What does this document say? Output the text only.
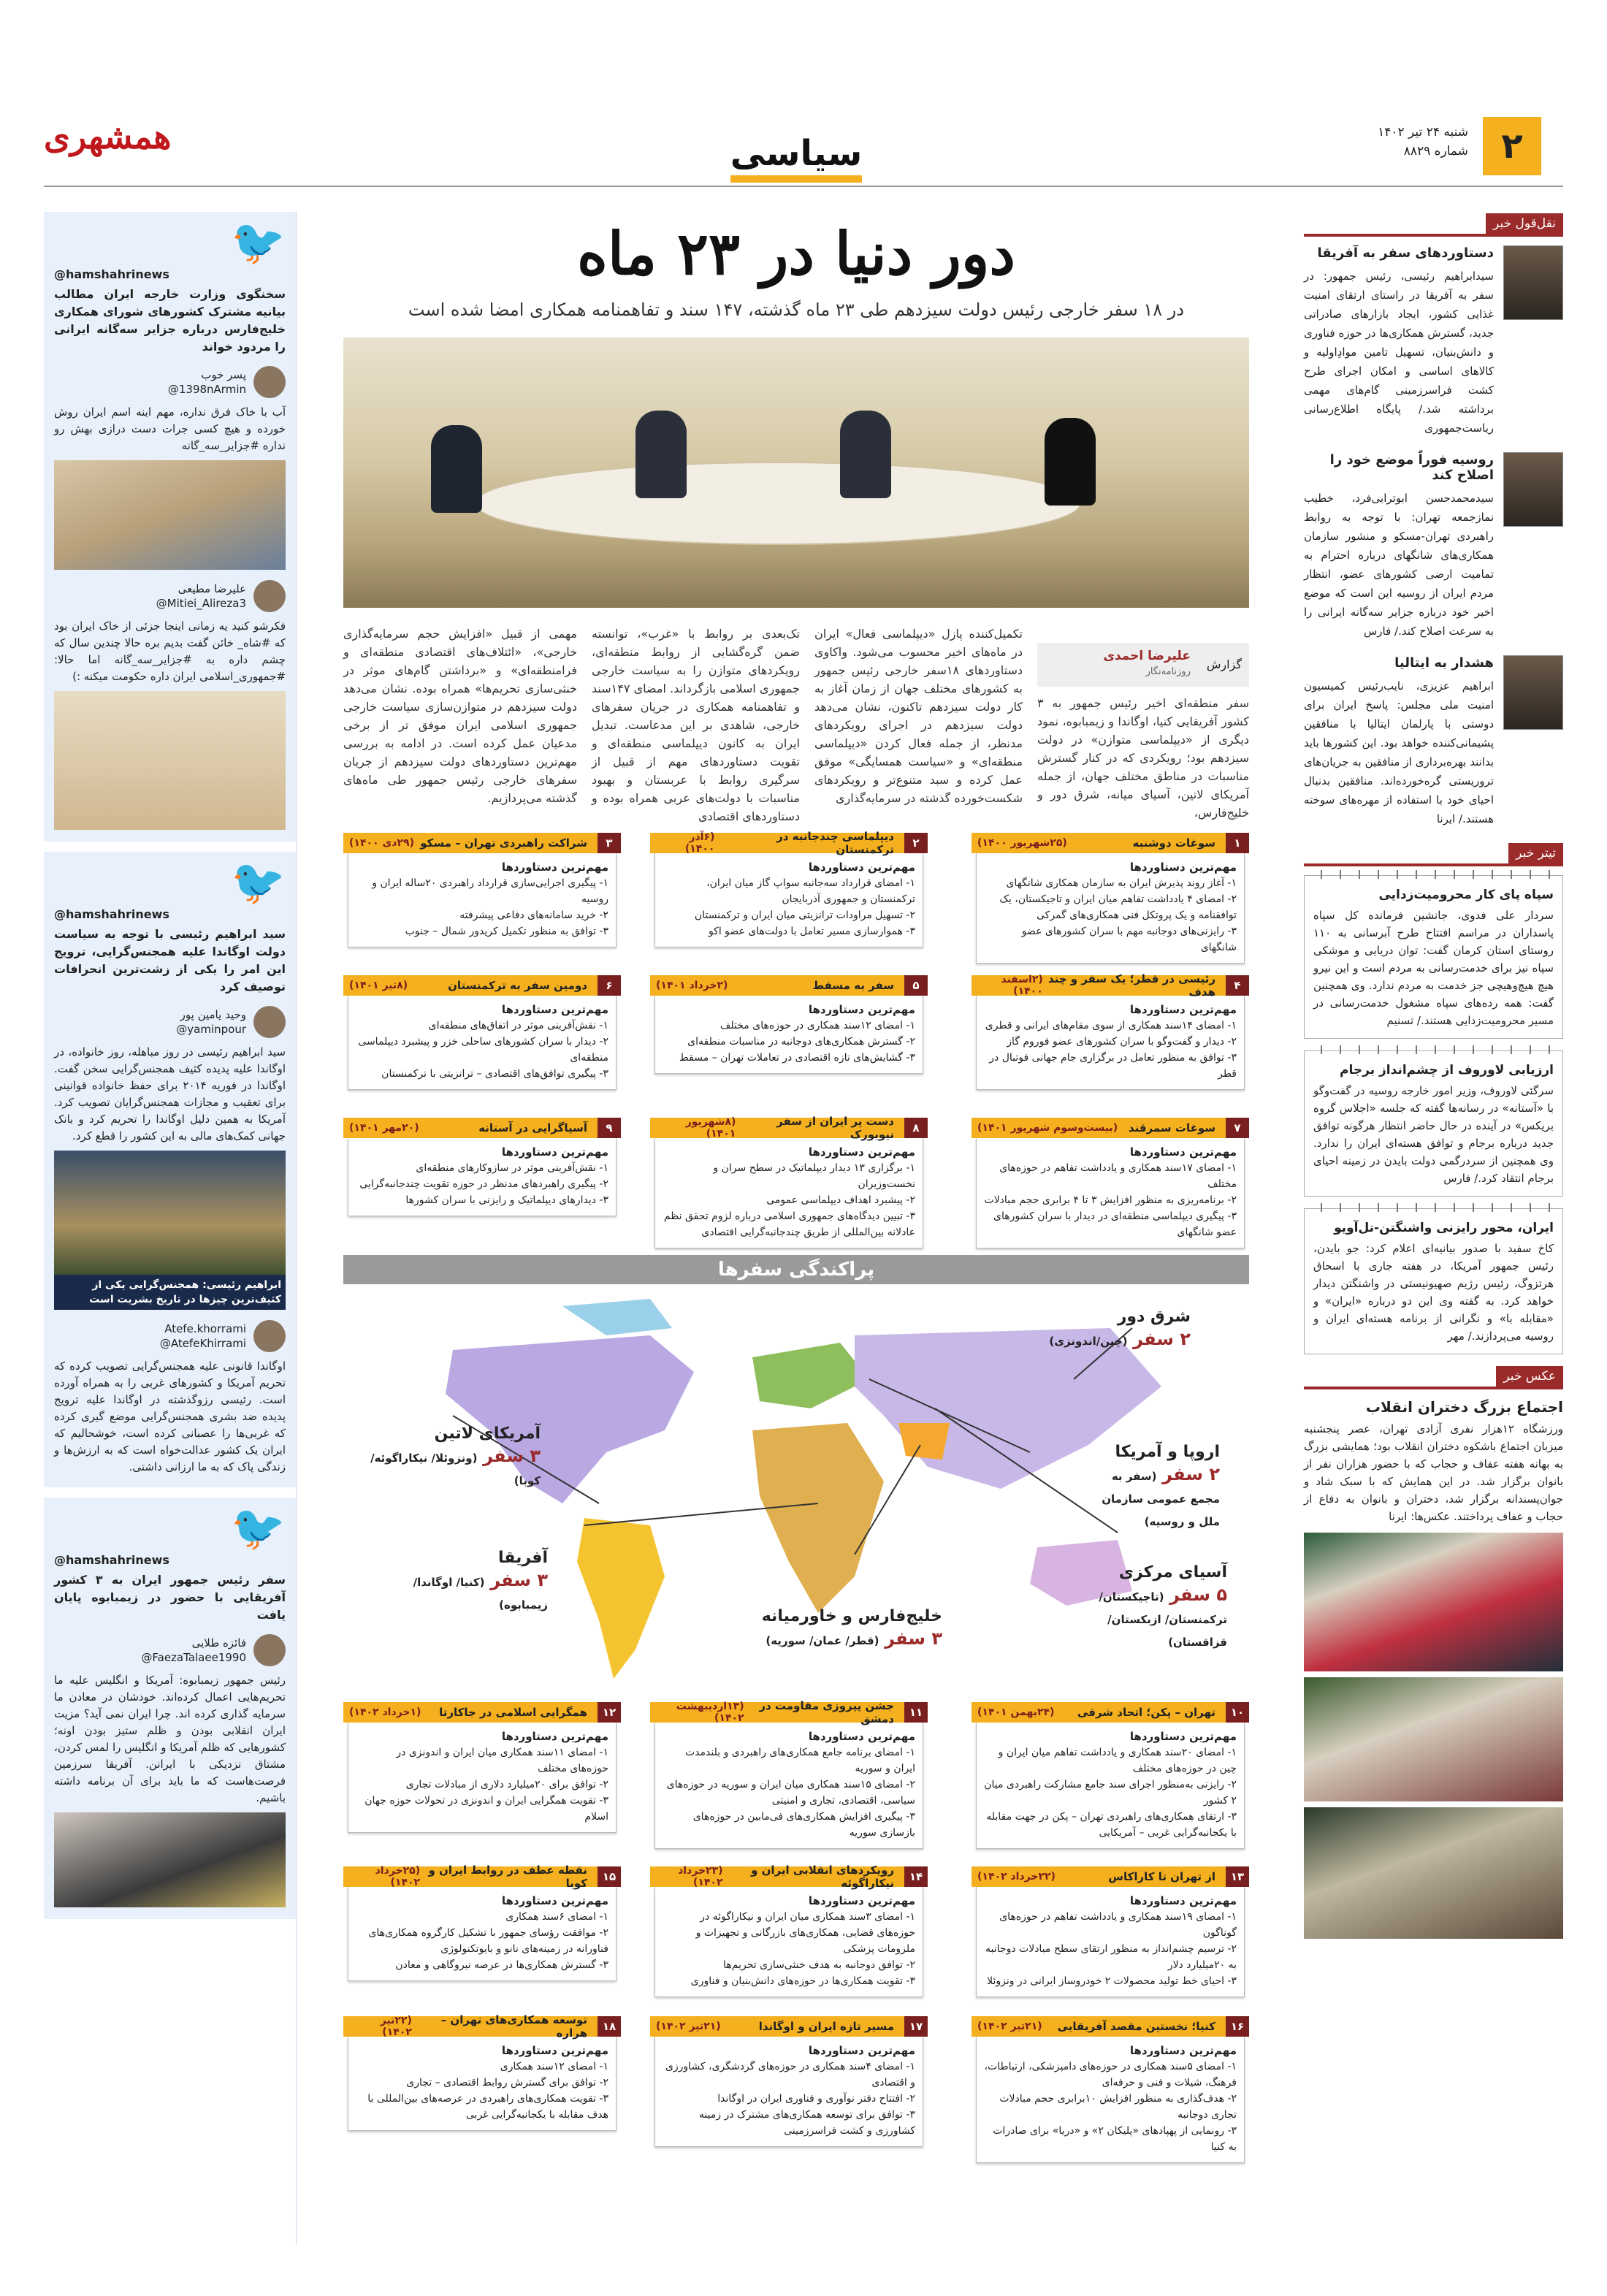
۲
شنبه ۲۴ تیر ۱۴۰۲
شماره ۸۸۲۹
همشهری	سیاسی
دور دنیا در ۲۳ ماه
در ۱۸ سفر خارجی رئیس دولت سیزدهم طی ۲۳ ماه گذشته، ۱۴۷ سند و تفاهمنامه همکاری امضا شده است
گزارش
علیرضا احمدی
روزنامه‌نگار
سفر منطقه‌ای اخیر رئیس جمهور به ۳ کشور آفریقایی کنیا، اوگاندا و زیمبابوه، نمود دیگری از «دیپلماسی متوازن» در دولت سیزدهم بود؛ رویکردی که در کنار گسترش مناسبات در مناطق مختلف جهان، از جمله آمریکای لاتین، آسیای میانه، شرق دور و خلیج‌فارس،
تکمیل‌کننده پازل «دیپلماسی فعال» ایران در ماه‌های اخیر محسوب می‌شود. واکاوی دستاوردهای ۱۸سفر خارجی رئیس جمهور به کشورهای مختلف جهان از زمان آغاز به کار دولت سیزدهم تاکنون، نشان می‌دهد دولت سیزدهم در اجرای رویکردهای مدنظر، از جمله فعال کردن «دیپلماسی منطقه‌ای» و «سیاست همسایگی» موفق عمل کرده و سبد متنوع‌تر و رویکردهای شکست‌خورده گذشته در سرمایه‌گذاری
تک‌بعدی بر روابط با «غرب»، توانسته ضمن گره‌گشایی از روابط منطقه‌ای، رویکردهای متوازن را به سیاست خارجی جمهوری اسلامی بازگرداند. امضای ۱۴۷سند و تفاهمنامه همکاری در جریان سفرهای خارجی، شاهدی بر این مدعاست. تبدیل ایران به کانون دیپلماسی منطقه‌ای و تقویت دستاوردهای مهم از قبیل از سرگیری روابط با عربستان و بهبود مناسبات با دولت‌های عربی همراه بوده و دستاوردهای اقتصادی
مهمی از قبیل «افزایش حجم سرمایه‌گذاری خارجی»، «ائتلاف‌های اقتصادی منطقه‌ای و فرامنطقه‌ای» و «برداشتن گام‌های موثر در خنثی‌سازی تحریم‌ها» همراه بوده. نشان می‌دهد دولت سیزدهم در متوازن‌سازی سیاست خارجی جمهوری اسلامی ایران موفق تر از برخی مدعیان عمل کرده است. در ادامه به بررسی مهم‌ترین دستاوردهای دولت سیزدهم از جریان سفرهای خارجی رئیس جمهور طی ماه‌های گذشته می‌پردازیم.
۱
سوغات دوشنبه
(۲۵شهریور ۱۴۰۰)
مهم‌ترین دستاوردها
۱- آغاز روند پذیرش ایران به سازمان همکاری شانگهای
۲- امضای ۴ یادداشت تفاهم میان ایران و تاجیکستان، یک توافقنامه و یک پروتکل فنی همکاری‌های گمرکی
۳- رایزنی‌های دوجانبه مهم با سران کشورهای عضو شانگهای
۲
دیپلماسی چندجانبه در ترکمنستان
(۶آذر ۱۴۰۰)
مهم‌ترین دستاوردها
۱- امضای قرارداد سه‌جانبه سواپ گاز میان ایران، ترکمنستان و جمهوری آذربایجان
۲- تسهیل مراودات ترانزیتی میان ایران و ترکمنستان
۳- هموارسازی مسیر تعامل با دولت‌های عضو اکو
۳
شراکت راهبردی تهران – مسکو
(۲۹دی ۱۴۰۰)
مهم‌ترین دستاوردها
۱- پیگیری اجرایی‌سازی قرارداد راهبردی ۲۰ساله ایران و روسیه
۲- خرید سامانه‌های دفاعی پیشرفته
۳- توافق به منظور تکمیل کریدور شمال – جنوب
۴
رئیسی در قطر؛ یک سفر و چند هدف
(۲اسفند ۱۴۰۰)
مهم‌ترین دستاوردها
۱- امضای ۱۴سند همکاری از سوی مقام‌های ایرانی و قطری
۲- دیدار و گفت‌وگو با سران کشورهای عضو فوروم گاز
۳- توافق به منظور تعامل در برگزاری جام جهانی فوتبال در قطر
۵
سفر به مسقط
(۲خرداد ۱۴۰۱)
مهم‌ترین دستاوردها
۱- امضای ۱۲سند همکاری در حوزه‌های مختلف
۲- گسترش همکاری‌های دوجانبه در مناسبات منطقه‌ای
۳- گشایش‌های تازه اقتصادی در تعاملات تهران – مسقط
۶
دومین سفر به ترکمنستان
(۸تیر ۱۴۰۱)
مهم‌ترین دستاوردها
۱- نقش‌آفرینی موثر در اتفاق‌های منطقه‌ای
۲- دیدار با سران کشورهای ساحلی خزر و پیشبرد دیپلماسی منطقه‌ای
۳- پیگیری توافق‌های اقتصادی – ترانزیتی با ترکمنستان
۷
سوغات سمرقند
(بیست‌و‌سوم شهریور ۱۴۰۱)
مهم‌ترین دستاوردها
۱- امضای ۱۷سند همکاری و یادداشت تفاهم در حوزه‌های مختلف
۲- برنامه‌ریزی به منظور افزایش ۳ تا ۴ برابری حجم مبادلات
۳- پیگیری دیپلماسی منطقه‌ای در دیدار با سران کشورهای عضو شانگهای
۸
دست پر ایران از سفر نیویورک
(۸شهریور ۱۴۰۱)
مهم‌ترین دستاوردها
۱- برگزاری ۱۳ دیدار دیپلماتیک در سطح سران و نخست‌وزیران
۲- پیشبرد اهداف دیپلماسی عمومی
۳- تبیین دیدگاه‌های جمهوری اسلامی درباره لزوم تحقق نظم عادلانه بین‌المللی از طریق چندجانبه‌گرایی اقتصادی
۹
آسیاگرایی در آستانه
(۲۰مهر ۱۴۰۱)
مهم‌ترین دستاوردها
۱- نقش‌آفرینی موثر در سازوکارهای منطقه‌ای
۲- پیگیری راهبردهای مدنظر در حوزه تقویت چندجانبه‌گرایی
۳- دیدارهای دیپلماتیک و رایزنی با سران کشورها
۱۰
تهران – پکن؛ اتحاد شرقی
(۲۴بهمن ۱۴۰۱)
مهم‌ترین دستاوردها
۱- امضای ۲۰سند همکاری و یادداشت تفاهم میان ایران و چین در حوزه‌های مختلف
۲- رایزنی به‌منظور اجرای سند جامع مشارکت راهبردی میان ۲ کشور
۳- ارتقای همکاری‌های راهبردی تهران – پکن در جهت مقابله با یکجانبه‌گرایی غربی – آمریکایی
۱۱
جشن پیروزی مقاومت در دمشق
(۱۳اردیبهشت ۱۴۰۲)
مهم‌ترین دستاوردها
۱- امضای برنامه جامع همکاری‌های راهبردی و بلندمدت ایران و سوریه
۲- امضای ۱۵سند همکاری میان ایران و سوریه در حوزه‌های سیاسی، اقتصادی، تجاری و امنیتی
۳- پیگیری افزایش همکاری‌های فی‌مابین در حوزه‌های بازسازی سوریه
۱۲
همگرایی اسلامی در جاکارتا
(۱خرداد ۱۴۰۲)
مهم‌ترین دستاوردها
۱- امضای ۱۱سند همکاری میان ایران و اندونزی در حوزه‌های مختلف
۲- توافق برای ۲۰میلیارد دلاری از مبادلات تجاری
۳- تقویت همگرایی ایران و اندونزی در تحولات حوزه جهان اسلام
۱۳
از تهران تا کاراکاس
(۲۲خرداد ۱۴۰۲)
مهم‌ترین دستاوردها
۱- امضای ۱۹سند همکاری و یادداشت تفاهم در حوزه‌های گوناگون
۲- ترسیم چشم‌انداز به منظور ارتقای سطح مبادلات دوجانبه به ۲۰میلیارد دلار
۳- احیای خط تولید محصولات ۲ خودروساز ایرانی در ونزوئلا
۱۴
رویکردهای انقلابی ایران و نیکاراگوئه
(۲۳خرداد ۱۴۰۲)
مهم‌ترین دستاوردها
۱- امضای ۳سند همکاری میان ایران و نیکاراگوئه در حوزه‌های قضایی، همکاری‌های بازرگانی و تجهیزات و ملزومات پزشکی
۲- توافق دوجانبه به هدف خنثی‌سازی تحریم‌ها
۳- تقویت همکاری‌ها در حوزه‌های دانش‌بنیان و فناوری
۱۵
نقطه عطف در روابط ایران و کوبا
(۲۵خرداد ۱۴۰۲)
مهم‌ترین دستاوردها
۱- امضای ۶سند همکاری
۲- موافقت رؤسای جمهور با تشکیل کارگروه همکاری‌های فناورانه در زمینه‌های نانو و بایوتکنولوژی
۳- گسترش همکاری‌ها در عرصه نیروگاهی و معادن
۱۶
کنیا؛ نخستین مقصد آفریقایی
(۲۱تیر ۱۴۰۲)
مهم‌ترین دستاوردها
۱- امضای ۵سند همکاری در حوزه‌های دامپزشکی، ارتباطات، فرهنگ، شیلات و فنی و حرفه‌ای
۲- هدف‌گذاری به منظور افزایش ۱۰برابری حجم مبادلات تجاری دوجانبه
۳- رونمایی از پهپادهای «پلیکان ۲» و «دریا» برای صادرات به کنیا
۱۷
مسیر تازه ایران و اوگاندا
(۲۱تیر ۱۴۰۲)
مهم‌ترین دستاوردها
۱- امضای ۴سند همکاری در حوزه‌های گردشگری، کشاورزی و اقتصادی
۲- افتتاح دفتر نوآوری و فناوری ایران در اوگاندا
۳- توافق برای توسعه همکاری‌های مشترک در زمینه کشاورزی و کشت فراسرزمینی
۱۸
توسعه همکاری‌های تهران – هراره
(۲۲تیر ۱۴۰۲)
مهم‌ترین دستاوردها
۱- امضای ۱۲سند همکاری
۲- توافق برای گسترش روابط اقتصادی – تجاری
۳- تقویت همکاری‌های راهبردی در عرصه‌های بین‌المللی با هدف مقابله با یکجانبه‌گرایی غربی
پراکندگی سفرها
شرق دور
۲ سفر (چین/اندونزی)
اروپا و آمریکا
۲ سفر (سفر به مجمع عمومی سازمان ملل و روسیه)
آسیای مرکزی
۵ سفر (تاجیکستان/ ترکمنستان/ ازبکستان/ قزاقستان)
خلیج‌فارس و خاورمیانه
۳ سفر (قطر/ عمان/ سوریه)
آفریقا
۳ سفر (کنیا/ اوگاندا/ زیمبابوه)
آمریکای لاتین
۳ سفر (ونزوئلا/ نیکاراگوئه/ کوبا)
نقل‌قول خبر
دستاوردهای سفر به آفریقا

سیدابراهیم رئیسی، رئیس جمهور: در سفر به آفریقا در راستای ارتقای امنیت غذایی کشور، ایجاد بازارهای صادراتی جدید، گسترش همکاری‌ها در حوزه فناوری و دانش‌بنیان، تسهیل تامین موادِاولیه و کالاهای اساسی و امکان اجرای طرح کشت فراسرزمینی گام‌های مهمی برداشته شد./ پایگاه اطلاع‌رسانی ریاست‌جمهوری

روسیه فوراً موضع خود را اصلاح کند

سیدمحمدحسن ابوترابی‌فرد، خطیب نمازجمعه تهران: با توجه به روابط راهبردی تهران-مسکو و منشور سازمان همکاری‌های شانگهای درباره احترام به تمامیت ارضی کشورهای عضو، انتظار مردم ایران از روسیه این است که موضع اخیر خود درباره جزایر سه‌گانه ایرانی را به سرعت اصلاح کند./ فارس

هشدار به ایتالیا

ابراهیم عزیزی، نایب‌رئیس کمیسیون امنیت ملی مجلس: پاسخ ایران برای دوستی با پارلمان ایتالیا با منافقین پشیمانی‌کننده خواهد بود. این کشورها باید بدانند بهره‌برداری از منافقین به جریان‌های تروریستی گره‌خورده‌اند. منافقین بدنبال احیای خود با استفاده از مهره‌های سوخته هستند./ ایرنا

تیتر خبر
سپاه پای کار محرومیت‌زدایی
سردار علی فدوی، جانشین فرمانده کل سپاه پاسداران در مراسم افتتاح طرح آبرسانی به ۱۱۰ روستای استان کرمان گفت: توان دریایی و موشکی سپاه نیز برای خدمت‌رسانی به مردم است و این نیرو هیچ هیچ‌وهیچی جز خدمت به مردم ندارد. وی همچنین گفت: همه رده‌های سپاه مشغول خدمت‌رسانی در مسیر محرومیت‌زدایی هستند./ تسنیم
ارزیابی لاوروف از چشم‌انداز برجام
سرگئی لاوروف، وزیر امور خارجه روسیه در گفت‌وگو با «آستانه» در رسانه‌ها گفته که جلسه «اجلاس گروه بریکس» در آینده در حال حاضر انتظار هرگونه توافق جدید درباره برجام و توافق هسته‌ای ایران را ندارد. وی همچنین از سردرگمی دولت بایدن در زمینه احیای برجام انتقاد کرد./ فارس
ایران، محور رایزنی واشنگتن-تل‌آویو
کاخ سفید با صدور بیانیه‌ای اعلام کرد: جو بایدن، رئیس جمهور آمریکا، در هفته جاری با اسحاق هرتزوگ، رئیس رژیم صهیونیستی در واشنگتن دیدار خواهد کرد. به گفته وی این دو درباره «ایران» و «مقابله با» و نگرانی از برنامه هسته‌ای ایران و روسیه می‌پردازند./ مهر
عکس خبر
اجتماع بزرگ دختران انقلاب
ورزشگاه ۱۲هزار نفری آزادی تهران، عصر پنجشنبه میزبان اجتماع باشکوه دختران انقلاب بود؛ همایشی بزرگ به بهانه هفته عفاف و حجاب که با حضور هزاران نفر از بانوان برگزار شد. در این همایش که با سبک شاد و جوان‌پسندانه برگزار شد، دختران و بانوان به دفاع از حجاب و عفاف پرداختند. عکس‌ها: ایرنا
🐦
@hamshahrinews
سخنگوی وزارت خارجه ایران مطالب بیانیه مشترک کشورهای شورای همکاری خلیج‌فارس درباره جزایر سه‌گانه ایرانی را مردود خواند
پسر خوب
@1398nArmin
آب با خاک فرق نداره، مهم اینه اسم ایران روش خورده و هیچ کسی جرات دست درازی بهش رو نداره #جزایر_سه_گانه
علیرضا مطیعی
@Mitiei_Alireza3
فکرشو کنید یه زمانی اینجا جزئی از خاک ایران بود که #شاه_ خائن گفت بدیم بره حالا چندین سال که چشم داره به #جزایر_سه_گانه اما حالا: #جمهوری_اسلامی ایران داره حکومت میکنه :)
🐦
@hamshahrinews
سید ابراهیم رئیسی با توجه به سیاست دولت اوگاندا علیه همجنس‌گرایی، ترویج این امر را یکی از زشت‌ترین انحرافات توصیف کرد
وحید یامین پور
@yaminpour
سید ابراهیم رئیسی در روز مباهله، روز خانواده، در اوگاندا علیه پدیده کثیف همجنس‌گرایی سخن گفت. اوگاندا در فوریه ۲۰۱۴ برای حفظ خانواده قوانینی برای تعقیب و مجازات همجنس‌گرایان تصویب کرد. آمریکا به همین دلیل اوگاندا را تحریم کرد و بانک جهانی کمک‌های مالی به این کشور را قطع کرد.
ابراهیم رئیسی: همجنس‌گرایی یکی از کثیف‌ترین چیزها در تاریخ بشریت است
Atefe.khorrami
@AtefeKhirrami
اوگاندا قانونی علیه همجنس‌گرایی تصویب کرده که تحریم آمریکا و کشورهای غربی را به همراه آورده است. رئیسی رزوگذشته در اوگاندا علیه ترویج پدیده ضد بشری همجنس‌گرایی موضع گیری کرده که غربی‌ها را عصبانی کرده است، خوشحالیم که ایران یک کشور عدالت‌خواه است که به ارزش‌ها و زندگی پاک که به ما ارزانی داشتی.
🐦
@hamshahrinews
سفر رئیس جمهور ایران به ۳ کشور آفریقایی با حضور در زیمبابوه پایان یافت
فائزه طلایی
@FaezaTalaee1990
رئیس جمهور زیمبابوه: آمریکا و انگلیس علیه ما تحریم‌هایی اعمال کرده‌اند. خودشان در معادن ما سرمایه گذاری کرده اند. چرا ایران نمی آید؟ مزیت ایران انقلابی بودن و ظلم ستیز بودن اونه؛ کشورهایی که ظلم آمریکا و انگلیس را لمس کردن، مشتاق نزدیکی با ایرانن. آفریقا سرزمین فرصت‌هاست که ما باید برای آن برنامه داشته باشیم.
